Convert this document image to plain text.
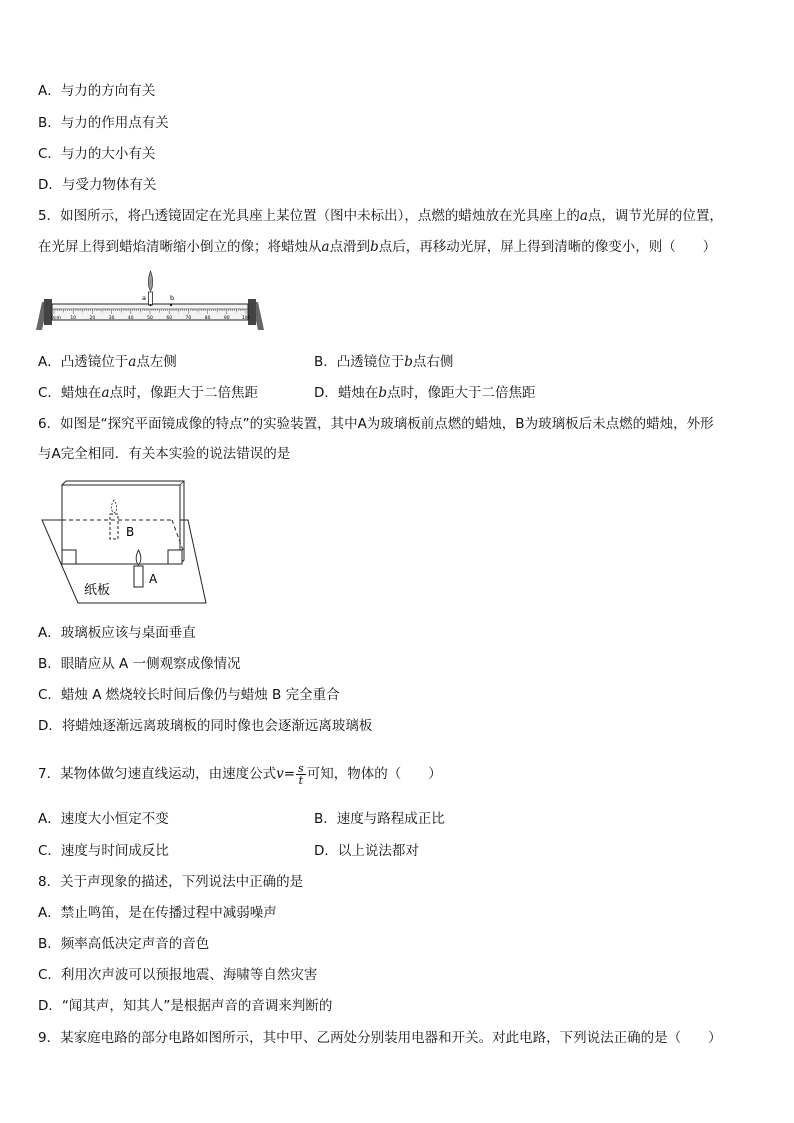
A．与力的方向有关
B．与力的作用点有关
C．与力的大小有关
D．与受力物体有关
5．如图所示，将凸透镜固定在光具座上某位置（图中未标出），点燃的蜡烛放在光具座上的a点，调节光屏的位置，
在光屏上得到蜡焰清晰缩小倒立的像；将蜡烛从a点滑到b点后，再移动光屏，屏上得到清晰的像变小，则（　　）
a	b
cm 10	20	30	40	50	60	70	80	90	100
0
A．凸透镜位于a点左侧	B．凸透镜位于b点右侧
C．蜡烛在a点时，像距大于二倍焦距	D．蜡烛在b点时，像距大于二倍焦距
6．如图是“探究平面镜成像的特点”的实验装置，其中A为玻璃板前点燃的蜡烛，B为玻璃板后未点燃的蜡烛，外形
与A完全相同．有关本实验的说法错误的是
B
A
纸板
A．玻璃板应该与桌面垂直
B．眼睛应从 A 一侧观察成像情况
C．蜡烛 A 燃烧较长时间后像仍与蜡烛 B 完全重合
D．将蜡烛逐渐远离玻璃板的同时像也会逐渐远离玻璃板
7．某物体做匀速直线运动，由速度公式$v= \frac{s}{t}$ 可知，物体的（　　）
A．速度大小恒定不变	B．速度与路程成正比
C．速度与时间成反比	D．以上说法都对
8．关于声现象的描述，下列说法中正确的是
A．禁止鸣笛，是在传播过程中减弱噪声
B．频率高低决定声音的音色
C．利用次声波可以预报地震、海啸等自然灾害
D．“闻其声，知其人”是根据声音的音调来判断的
9．某家庭电路的部分电路如图所示，其中甲、乙两处分别装用电器和开关。对此电路，下列说法正确的是（　　）
